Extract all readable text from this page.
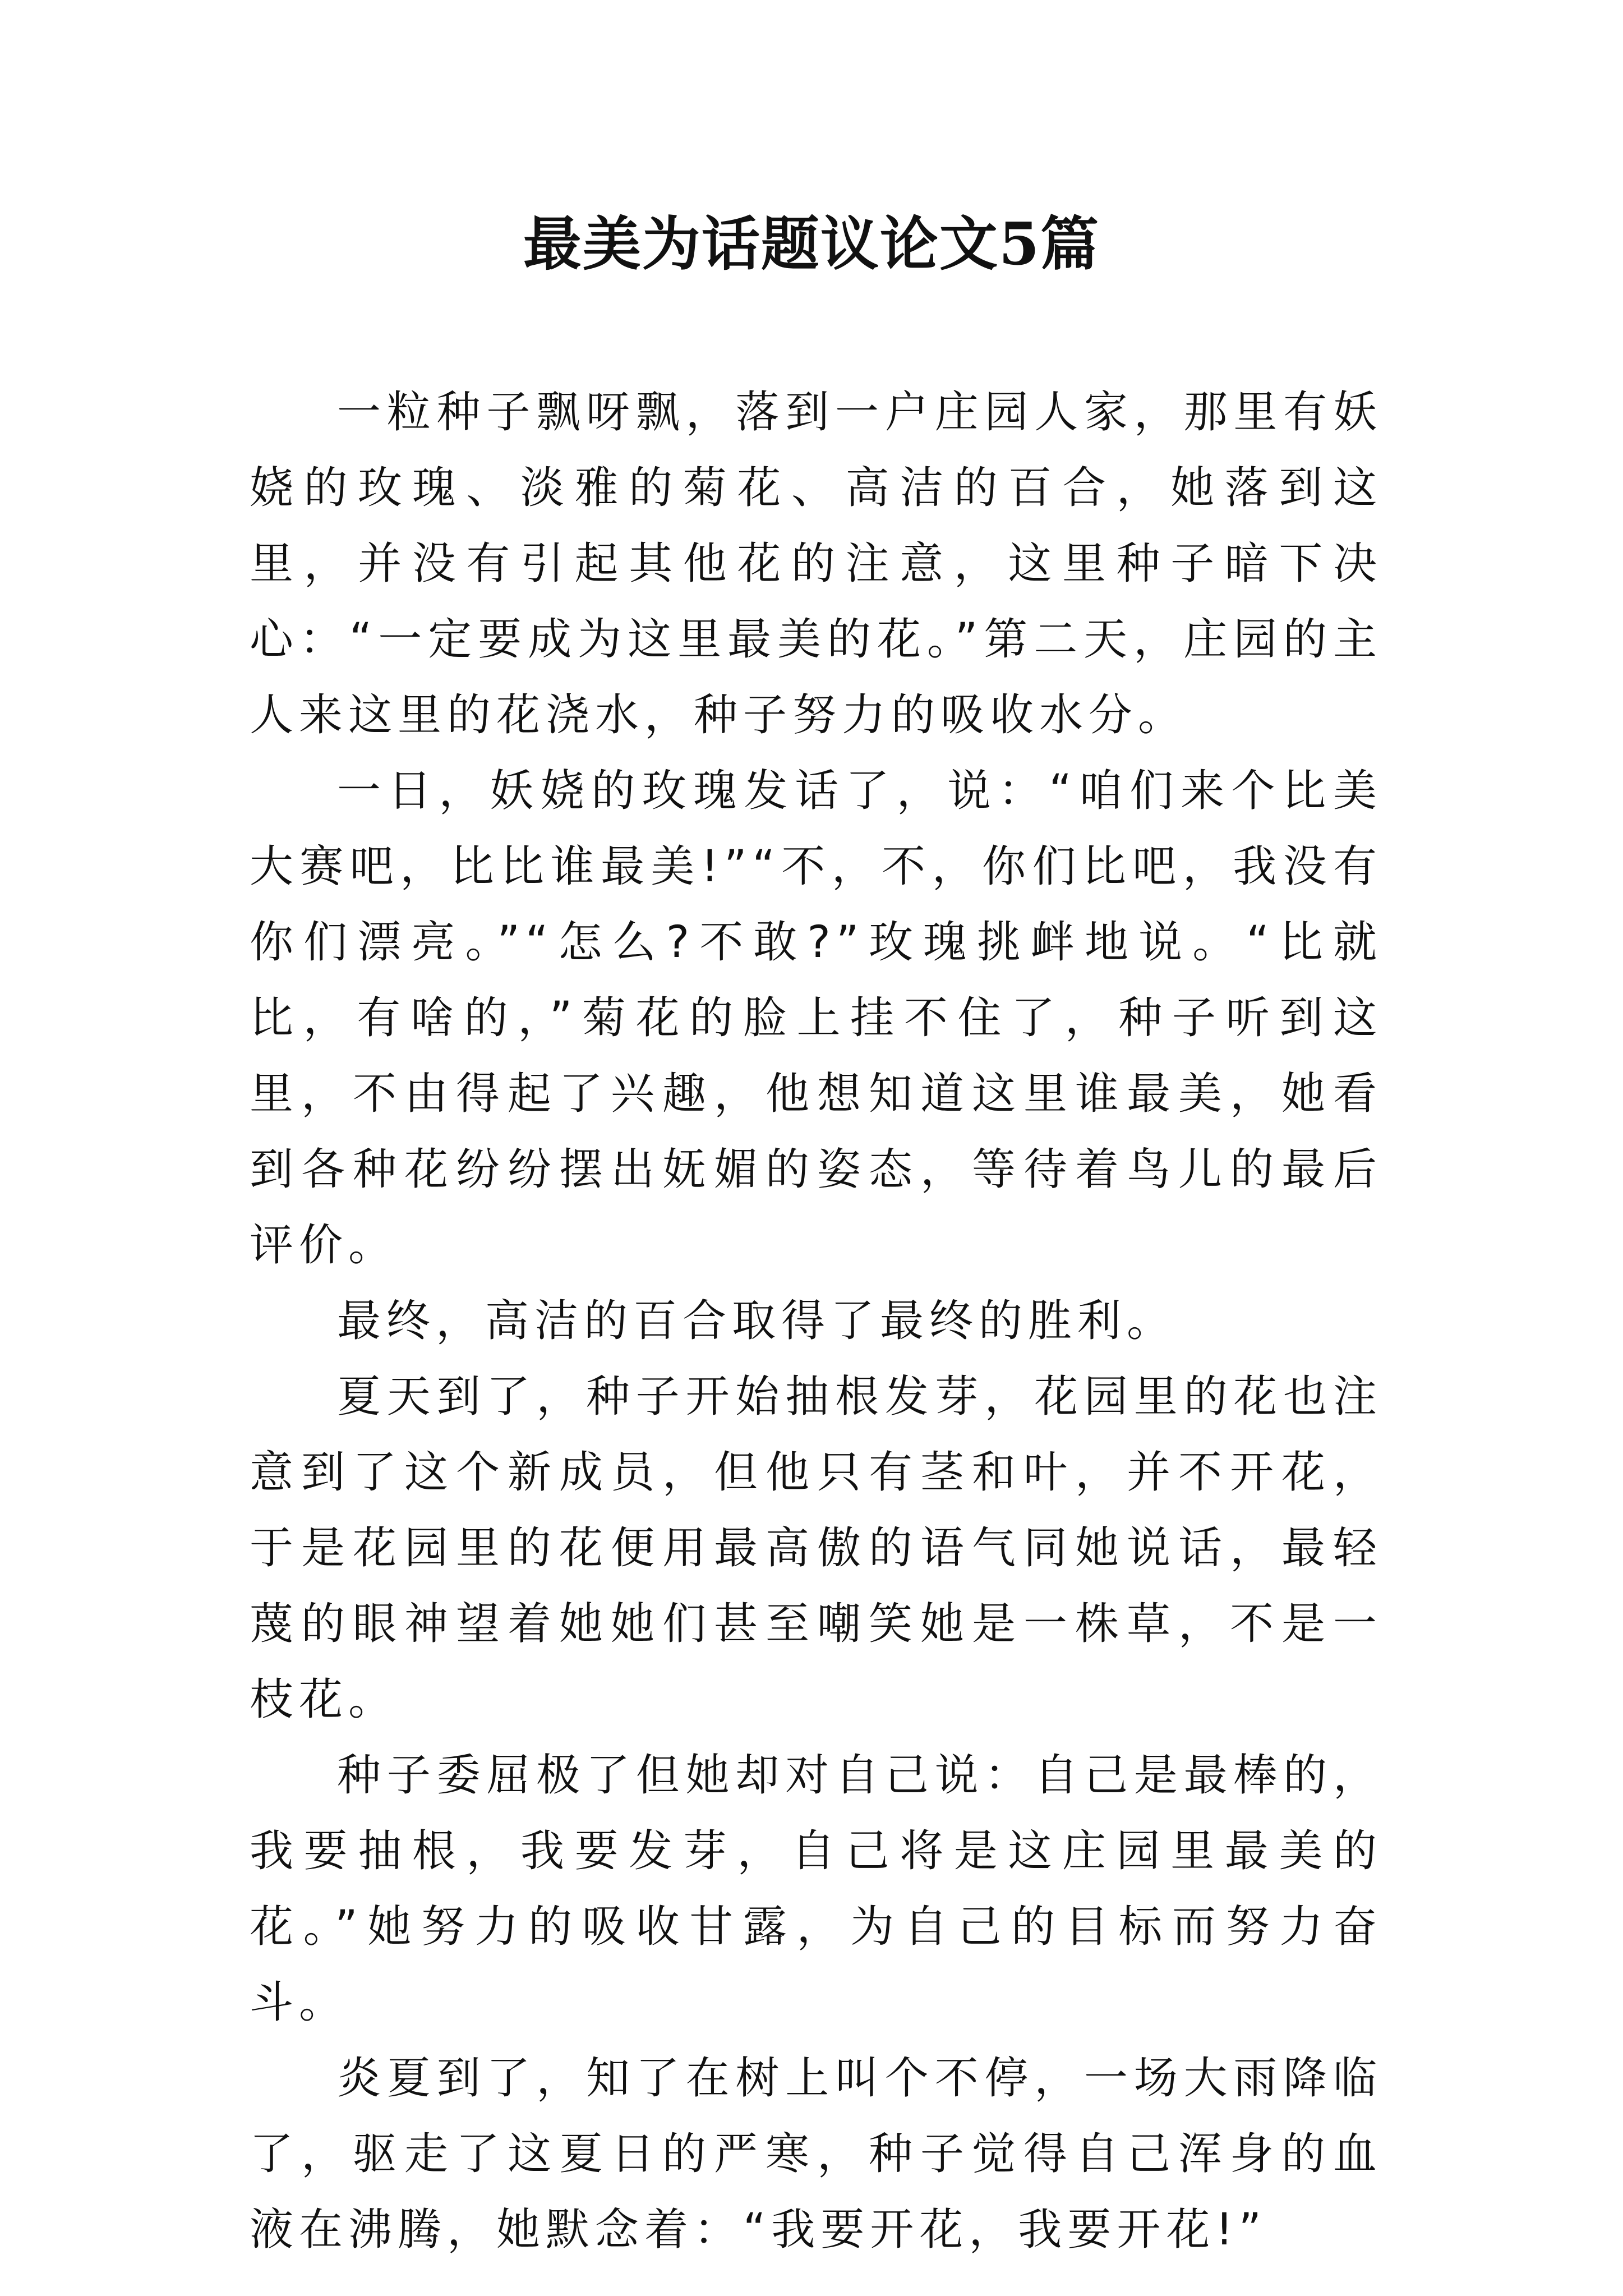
最美为话题议论文5篇

一粒种子飘呀飘，落到一户庄园人家，那里有妖娆的玫瑰、淡雅的菊花、高洁的百合，她落到这里，并没有引起其他花的注意，这里种子暗下决心：“一定要成为这里最美的花。”第二天，庄园的主人来这里的花浇水，种子努力的吸收水分。

一日，妖娆的玫瑰发话了，说：“咱们来个比美大赛吧，比比谁最美!”“不，不，你们比吧，我没有你们漂亮。”“怎么?不敢?”玫瑰挑衅地说。“比就比，有啥的，”菊花的脸上挂不住了，种子听到这里，不由得起了兴趣，他想知道这里谁最美，她看到各种花纷纷摆出妩媚的姿态，等待着鸟儿的最后评价。

最终，高洁的百合取得了最终的胜利。

夏天到了，种子开始抽根发芽，花园里的花也注意到了这个新成员，但他只有茎和叶，并不开花，于是花园里的花便用最高傲的语气同她说话，最轻蔑的眼神望着她她们甚至嘲笑她是一株草，不是一枝花。

种子委屈极了但她却对自己说：自己是最棒的，我要抽根，我要发芽，自己将是这庄园里最美的花。”她努力的吸收甘露，为自己的目标而努力奋斗。

炎夏到了，知了在树上叫个不停，一场大雨降临了，驱走了这夏日的严寒，种子觉得自己浑身的血液在沸腾，她默念着：“我要开花，我要开花!”
